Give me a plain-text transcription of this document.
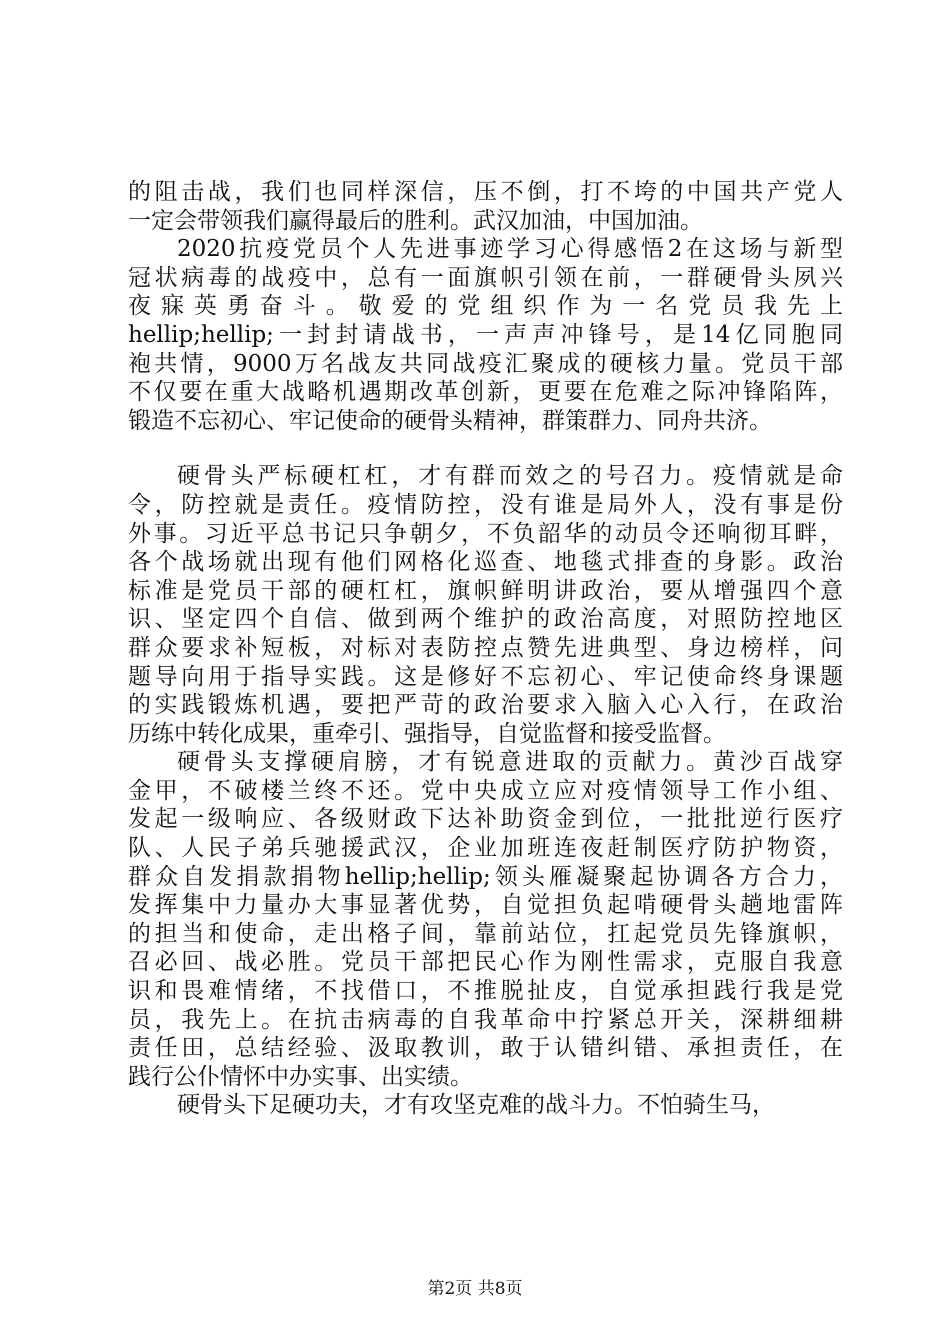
的阻击战，我们也同样深信，压不倒，打不垮的中国共产党人
一定会带领我们赢得最后的胜利。武汉加油，中国加油。
2020抗疫党员个人先进事迹学习心得感悟2在这场与新型
冠状病毒的战疫中，总有一面旗帜引领在前，一群硬骨头夙兴
夜寐英勇奋斗。敬爱的党组织作为一名党员我先上
hellip;hellip;一封封请战书，一声声冲锋号，是14亿同胞同
袍共情，9000万名战友共同战疫汇聚成的硬核力量。党员干部
不仅要在重大战略机遇期改革创新，更要在危难之际冲锋陷阵，
锻造不忘初心、牢记使命的硬骨头精神，群策群力、同舟共济。
硬骨头严标硬杠杠，才有群而效之的号召力。疫情就是命
令，防控就是责任。疫情防控，没有谁是局外人，没有事是份
外事。习近平总书记只争朝夕，不负韶华的动员令还响彻耳畔，
各个战场就出现有他们网格化巡查、地毯式排查的身影。政治
标准是党员干部的硬杠杠，旗帜鲜明讲政治，要从增强四个意
识、坚定四个自信、做到两个维护的政治高度，对照防控地区
群众要求补短板，对标对表防控点赞先进典型、身边榜样，问
题导向用于指导实践。这是修好不忘初心、牢记使命终身课题
的实践锻炼机遇，要把严苛的政治要求入脑入心入行，在政治
历练中转化成果，重牵引、强指导，自觉监督和接受监督。
硬骨头支撑硬肩膀，才有锐意进取的贡献力。黄沙百战穿
金甲，不破楼兰终不还。党中央成立应对疫情领导工作小组、
发起一级响应、各级财政下达补助资金到位，一批批逆行医疗
队、人民子弟兵驰援武汉，企业加班连夜赶制医疗防护物资，
群众自发捐款捐物hellip;hellip;领头雁凝聚起协调各方合力，
发挥集中力量办大事显著优势，自觉担负起啃硬骨头趟地雷阵
的担当和使命，走出格子间，靠前站位，扛起党员先锋旗帜，
召必回、战必胜。党员干部把民心作为刚性需求，克服自我意
识和畏难情绪，不找借口，不推脱扯皮，自觉承担践行我是党
员，我先上。在抗击病毒的自我革命中拧紧总开关，深耕细耕
责任田，总结经验、汲取教训，敢于认错纠错、承担责任，在
践行公仆情怀中办实事、出实绩。
硬骨头下足硬功夫，才有攻坚克难的战斗力。不怕骑生马，
第2页 共8页
